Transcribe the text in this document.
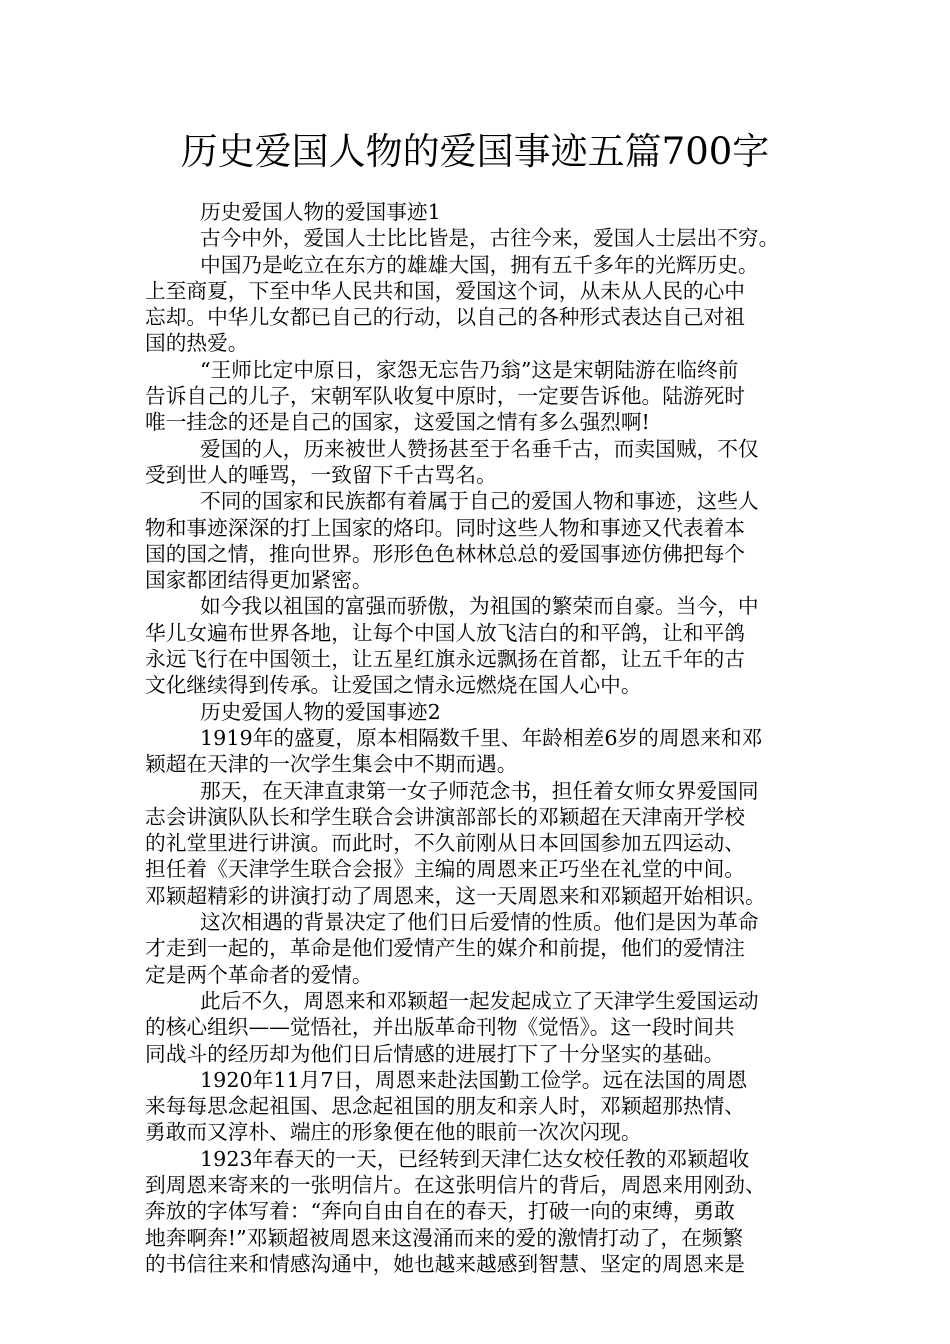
历史爱国人物的爱国事迹五篇700字
历史爱国人物的爱国事迹1
古今中外，爱国人士比比皆是，古往今来，爱国人士层出不穷。
中国乃是屹立在东方的雄雄大国，拥有五千多年的光辉历史。
上至商夏，下至中华人民共和国，爱国这个词，从未从人民的心中
忘却。中华儿女都已自己的行动，以自己的各种形式表达自己对祖
国的热爱。
“王师比定中原日，家怨无忘告乃翁”这是宋朝陆游在临终前
告诉自己的儿子，宋朝军队收复中原时，一定要告诉他。陆游死时
唯一挂念的还是自己的国家，这爱国之情有多么强烈啊!
爱国的人，历来被世人赞扬甚至于名垂千古，而卖国贼，不仅
受到世人的唾骂，一致留下千古骂名。
不同的国家和民族都有着属于自己的爱国人物和事迹，这些人
物和事迹深深的打上国家的烙印。同时这些人物和事迹又代表着本
国的国之情，推向世界。形形色色林林总总的爱国事迹仿佛把每个
国家都团结得更加紧密。
如今我以祖国的富强而骄傲，为祖国的繁荣而自豪。当今，中
华儿女遍布世界各地，让每个中国人放飞洁白的和平鸽，让和平鸽
永远飞行在中国领土，让五星红旗永远飘扬在首都，让五千年的古
文化继续得到传承。让爱国之情永远燃烧在国人心中。
历史爱国人物的爱国事迹2
1919年的盛夏，原本相隔数千里、年龄相差6岁的周恩来和邓
颖超在天津的一次学生集会中不期而遇。
那天，在天津直隶第一女子师范念书，担任着女师女界爱国同
志会讲演队队长和学生联合会讲演部部长的邓颖超在天津南开学校
的礼堂里进行讲演。而此时，不久前刚从日本回国参加五四运动、
担任着《天津学生联合会报》主编的周恩来正巧坐在礼堂的中间。
邓颖超精彩的讲演打动了周恩来，这一天周恩来和邓颖超开始相识。
这次相遇的背景决定了他们日后爱情的性质。他们是因为革命
才走到一起的，革命是他们爱情产生的媒介和前提，他们的爱情注
定是两个革命者的爱情。
此后不久，周恩来和邓颖超一起发起成立了天津学生爱国运动
的核心组织——觉悟社，并出版革命刊物《觉悟》。这一段时间共
同战斗的经历却为他们日后情感的进展打下了十分坚实的基础。
1920年11月7日，周恩来赴法国勤工俭学。远在法国的周恩
来每每思念起祖国、思念起祖国的朋友和亲人时，邓颖超那热情、
勇敢而又淳朴、端庄的形象便在他的眼前一次次闪现。
1923年春天的一天，已经转到天津仁达女校任教的邓颖超收
到周恩来寄来的一张明信片。在这张明信片的背后，周恩来用刚劲、
奔放的字体写着：“奔向自由自在的春天，打破一向的束缚，勇敢
地奔啊奔!”邓颖超被周恩来这漫涌而来的爱的激情打动了，在频繁
的书信往来和情感沟通中，她也越来越感到智慧、坚定的周恩来是
